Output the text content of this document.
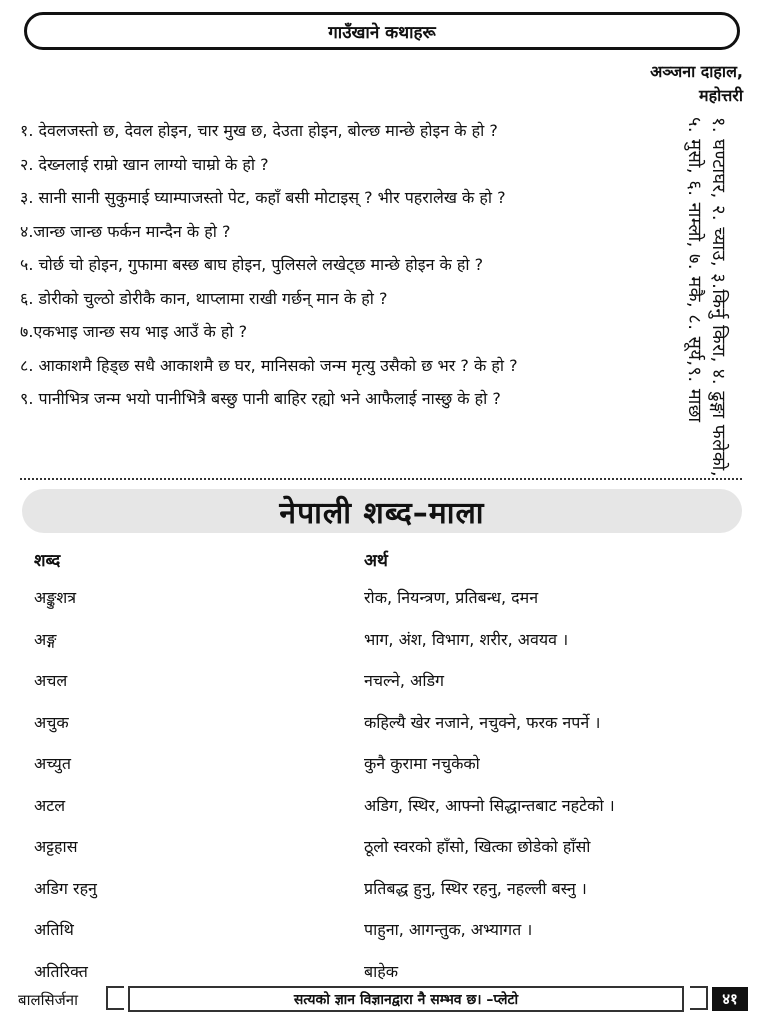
गाउँखाने कथाहरू
अञ्जना दाहाल,
महोत्तरी
१. देवलजस्तो छ, देवल होइन, चार मुख छ, देउता होइन, बोल्छ मान्छे होइन के हो ?
२. देख्नलाई राम्रो खान लाग्यो चाम्रो के हो ?
३. सानी सानी सुकुमाई घ्याम्पाजस्तो पेट, कहाँ बसी मोटाइस् ? भीर पहरालेख के हो ?
४.जान्छ जान्छ फर्कन मान्दैन के हो ?
५. चोर्छ चो होइन, गुफामा बस्छ बाघ होइन, पुलिसले लखेट्छ मान्छे होइन के हो ?
६. डोरीको चुल्ठो डोरीकै कान, थाप्लामा राखी गर्छन् मान के हो ?
७.एकभाइ जान्छ सय भाइ आउँ के हो ?
८. आकाशमै हिड्छ सधै आकाशमै छ घर, मानिसको जन्म मृत्यु उसैको छ भर ? के हो ?
९. पानीभित्र जन्म भयो पानीभित्रै बस्छु पानी बाहिर रह्यो भने आफैलाई नास्छु के हो ?	१. घण्टाघर, २. च्याउ, ३.किर्नु किरा, ४. ढुङ्गा फलेको, ५. मुसो, ६. नाम्लो, ७. मकै, ८. सूर्य,९. माछा
नेपाली शब्द–माला
शब्द	अर्थ
अङ्कुशत्र	रोक, नियन्त्रण, प्रतिबन्ध, दमन
अङ्ग	भाग, अंश, विभाग, शरीर, अवयव ।
अचल	नचल्ने, अडिग
अचुक	कहिल्यै खेर नजाने, नचुक्ने, फरक नपर्ने ।
अच्युत	कुनै कुरामा नचुकेको
अटल	अडिग, स्थिर, आफ्नो सिद्धान्तबाट नहटेको ।
अट्टहास	ठूलो स्वरको हाँसो, खित्का छोडेको हाँसो
अडिग रहनु	प्रतिबद्ध हुनु, स्थिर रहनु, नहल्ली बस्नु ।
अतिथि	पाहुना, आगन्तुक, अभ्यागत ।
अतिरिक्त	बाहेक
बालसिर्जना	सत्यको ज्ञान विज्ञानद्वारा नै सम्भव छ। –प्लेटो	४१
